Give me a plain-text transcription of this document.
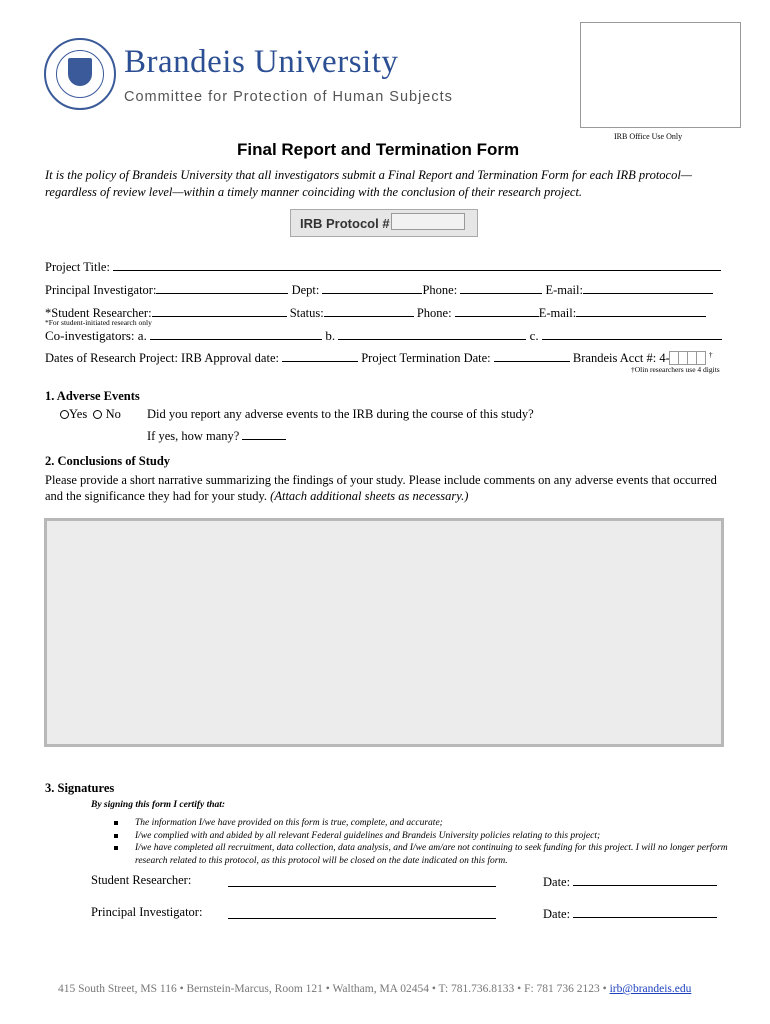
Brandeis University
Committee for Protection of Human Subjects
IRB Office Use Only
Final Report and Termination Form
It is the policy of Brandeis University that all investigators submit a Final Report and Termination Form for each IRB protocol—regardless of review level—within a timely manner coinciding with the conclusion of their research project.
IRB Protocol #
Project Title:
Principal Investigator:	Dept:	Phone:	E-mail:
*Student Researcher:	Status:	Phone:	E-mail:
*For student-initiated research only
Co-investigators: a.	b.	c.
Dates of Research Project: IRB Approval date:	Project Termination Date:	Brandeis Acct #: 4-	†
†Olin researchers use 4 digits
1. Adverse Events
Yes No Did you report any adverse events to the IRB during the course of this study?
If yes, how many?
2. Conclusions of Study
Please provide a short narrative summarizing the findings of your study. Please include comments on any adverse events that occurred and the significance they had for your study. (Attach additional sheets as necessary.)
3. Signatures
By signing this form I certify that:
The information I/we have provided on this form is true, complete, and accurate;
I/we complied with and abided by all relevant Federal guidelines and Brandeis University policies relating to this project;
I/we have completed all recruitment, data collection, data analysis, and I/we am/are not continuing to seek funding for this project. I will no longer perform research related to this protocol, as this protocol will be closed on the date indicated on this form.
Student Researcher:	Date:
Principal Investigator:	Date:
415 South Street, MS 116 • Bernstein-Marcus, Room 121 • Waltham, MA 02454 • T: 781.736.8133 • F: 781 736 2123 • irb@brandeis.edu
